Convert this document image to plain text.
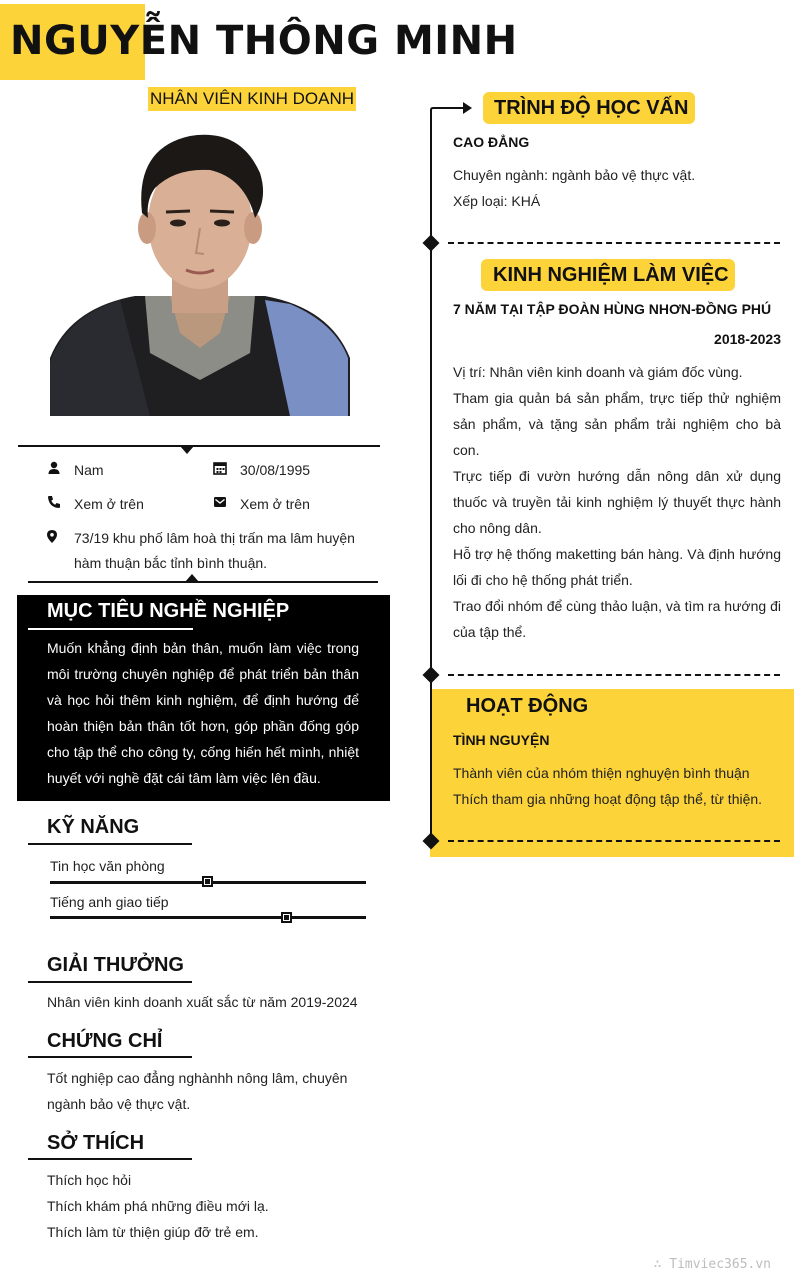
NGUYỄN THÔNG MINH
NHÂN VIÊN KINH DOANH
Nam	30/08/1995
Xem ở trên	Xem ở trên
73/19 khu phố lâm hoà thị trấn ma lâm huyện hàm thuận bắc tỉnh bình thuận.
MỤC TIÊU NGHỀ NGHIỆP
Muốn khẳng định bản thân, muốn làm việc trong môi trường chuyên nghiệp để phát triển bản thân và học hỏi thêm kinh nghiệm, để định hướng để hoàn thiện bản thân tốt hơn, góp phần đống góp cho tập thể cho công ty, cống hiến hết mình, nhiệt huyết với nghề đặt cái tâm làm việc lên đầu.
KỸ NĂNG
Tin học văn phòng
Tiếng anh giao tiếp
GIẢI THƯỞNG
Nhân viên kinh doanh xuất sắc từ năm 2019-2024
CHỨNG CHỈ
Tốt nghiệp cao đẳng nghànhh nông lâm, chuyên ngành bảo vệ thực vật.
SỞ THÍCH
Thích học hỏi
Thích khám phá những điều mới lạ.
Thích làm từ thiện giúp đỡ trẻ em.
TRÌNH ĐỘ HỌC VẤN
CAO ĐẲNG
Chuyên ngành: ngành bảo vệ thực vật.
Xếp loại: KHÁ
KINH NGHIỆM LÀM VIỆC
7 NĂM TẠI TẬP ĐOÀN HÙNG NHƠN-ĐỒNG PHÚ
2018-2023
Vị trí: Nhân viên kinh doanh và giám đốc vùng.
Tham gia quản bá sản phẩm, trực tiếp thử nghiệm sản phẩm, và tặng sản phẩm trải nghiệm cho bà con.
Trực tiếp đi vườn hướng dẫn nông dân xử dụng thuốc và truyền tải kinh nghiệm lý thuyết thực hành cho nông dân.
Hỗ trợ hệ thống maketting bán hàng. Và định hướng lối đi cho hệ thống phát triển.
Trao đổi nhóm để cùng thảo luận, và tìm ra hướng đi của tập thể.
HOẠT ĐỘNG
TÌNH NGUYỆN
Thành viên của nhóm thiện nghuyện bình thuận
Thích tham gia những hoạt động tập thể, từ thiện.
∴ Timviec365.vn
